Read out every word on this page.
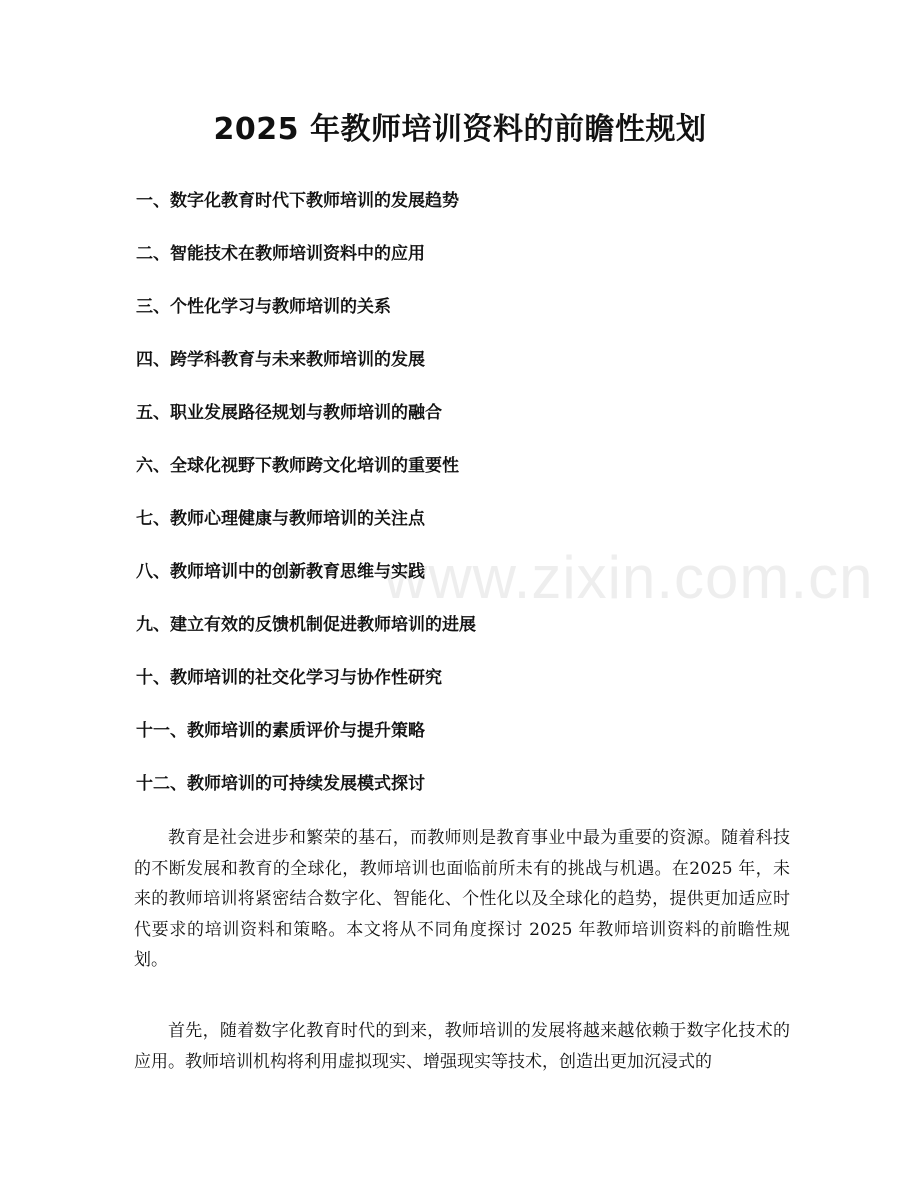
www.zixin.com.cn
2025 年教师培训资料的前瞻性规划
一、数字化教育时代下教师培训的发展趋势
二、智能技术在教师培训资料中的应用
三、个性化学习与教师培训的关系
四、跨学科教育与未来教师培训的发展
五、职业发展路径规划与教师培训的融合
六、全球化视野下教师跨文化培训的重要性
七、教师心理健康与教师培训的关注点
八、教师培训中的创新教育思维与实践
九、建立有效的反馈机制促进教师培训的进展
十、教师培训的社交化学习与协作性研究
十一、教师培训的素质评价与提升策略
十二、教师培训的可持续发展模式探讨

教育是社会进步和繁荣的基石，而教师则是教育事业中最为重要的资源。随着科技的不断发展和教育的全球化，教师培训也面临前所未有的挑战与机遇。在2025 年，未来的教师培训将紧密结合数字化、智能化、个性化以及全球化的趋势，提供更加适应时代要求的培训资料和策略。本文将从不同角度探讨 2025 年教师培训资料的前瞻性规划。

首先，随着数字化教育时代的到来，教师培训的发展将越来越依赖于数字化技术的应用。教师培训机构将利用虚拟现实、增强现实等技术，创造出更加沉浸式的
